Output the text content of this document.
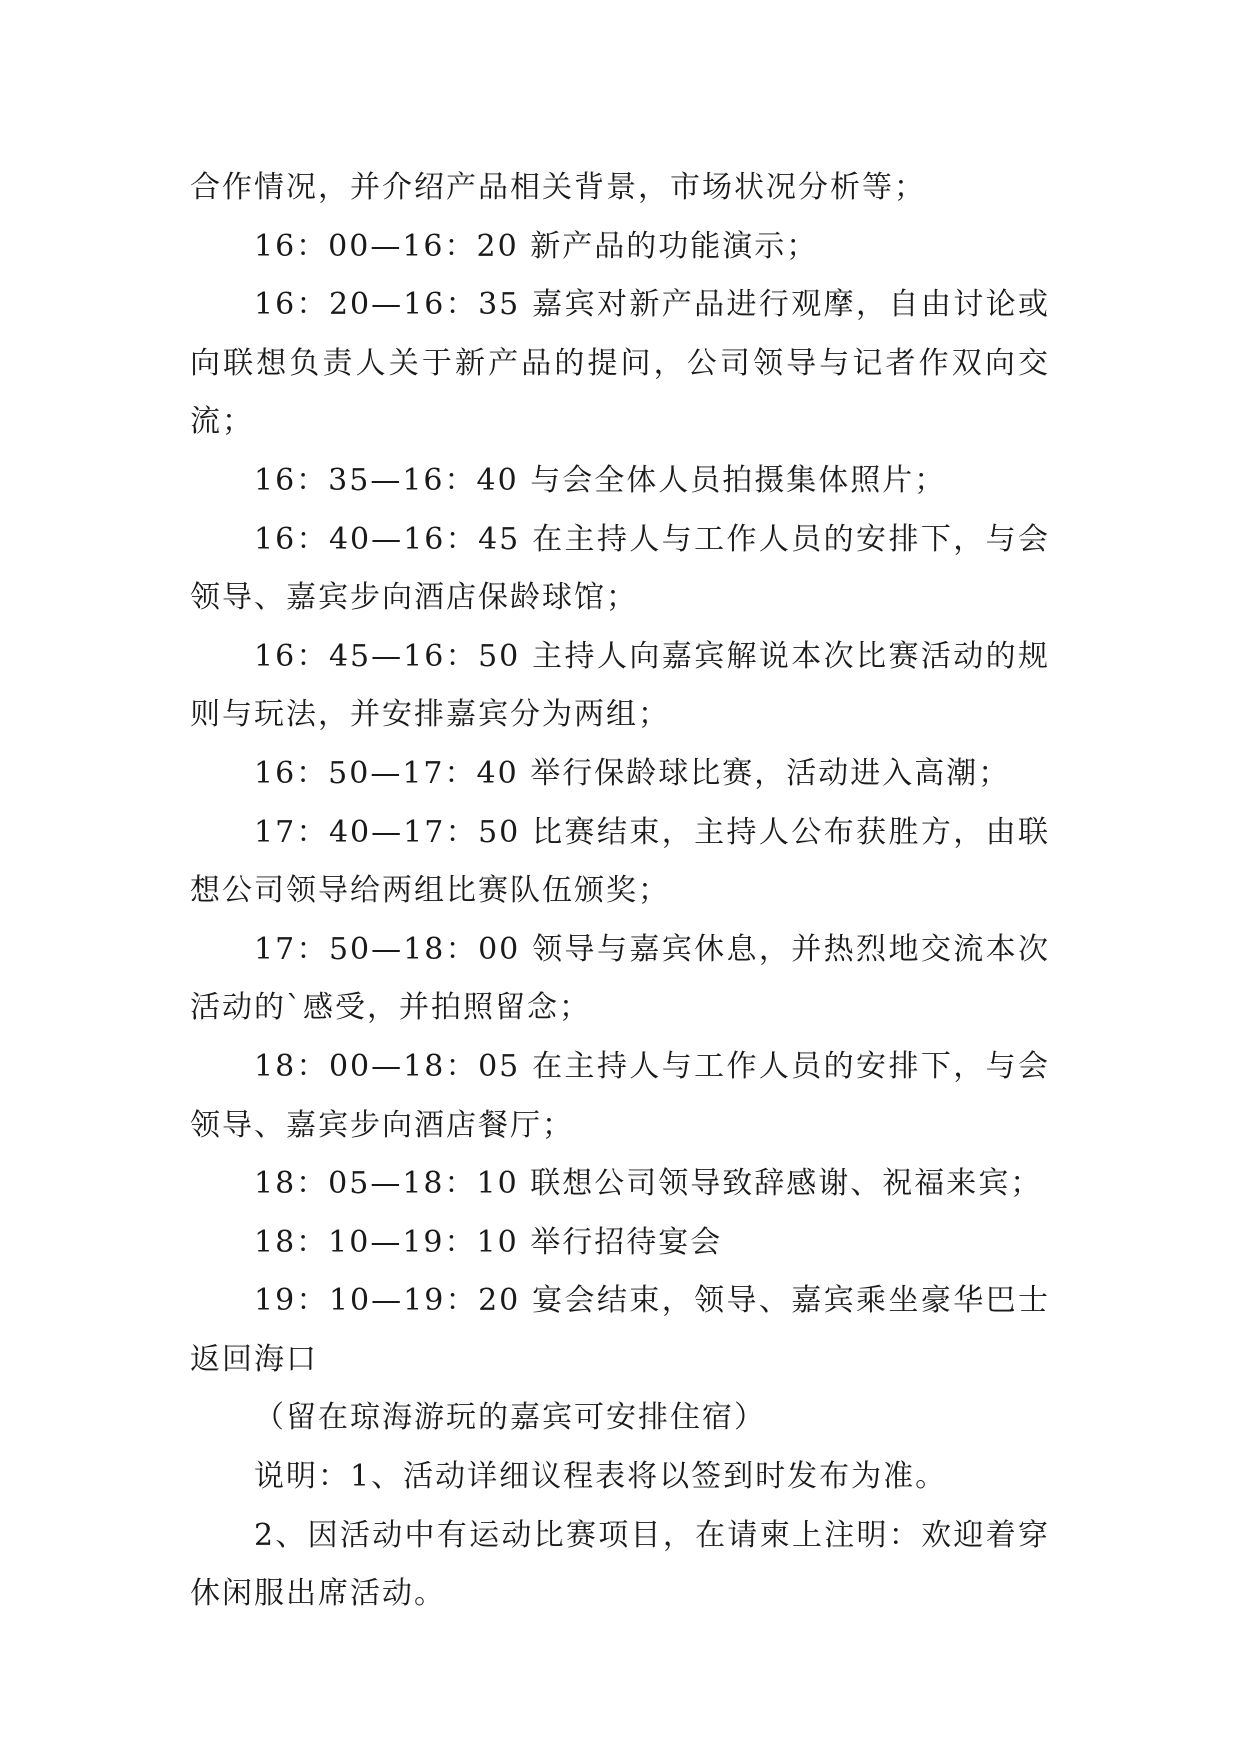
合作情况，并介绍产品相关背景，市场状况分析等；

16：00—16：20 新产品的功能演示；

16：20—16：35 嘉宾对新产品进行观摩，自由讨论或向联想负责人关于新产品的提问，公司领导与记者作双向交流；

16：35—16：40 与会全体人员拍摄集体照片；

16：40—16：45 在主持人与工作人员的安排下，与会领导、嘉宾步向酒店保龄球馆；

16：45—16：50 主持人向嘉宾解说本次比赛活动的规则与玩法，并安排嘉宾分为两组；

16：50—17：40 举行保龄球比赛，活动进入高潮；

17：40—17：50 比赛结束，主持人公布获胜方，由联想公司领导给两组比赛队伍颁奖；

17：50—18：00 领导与嘉宾休息，并热烈地交流本次活动的`感受，并拍照留念；

18：00—18：05 在主持人与工作人员的安排下，与会领导、嘉宾步向酒店餐厅；

18：05—18：10 联想公司领导致辞感谢、祝福来宾；

18：10—19：10 举行招待宴会

19：10—19：20 宴会结束，领导、嘉宾乘坐豪华巴士返回海口

（留在琼海游玩的嘉宾可安排住宿）

说明：1、活动详细议程表将以签到时发布为准。

2、因活动中有运动比赛项目，在请柬上注明：欢迎着穿休闲服出席活动。
